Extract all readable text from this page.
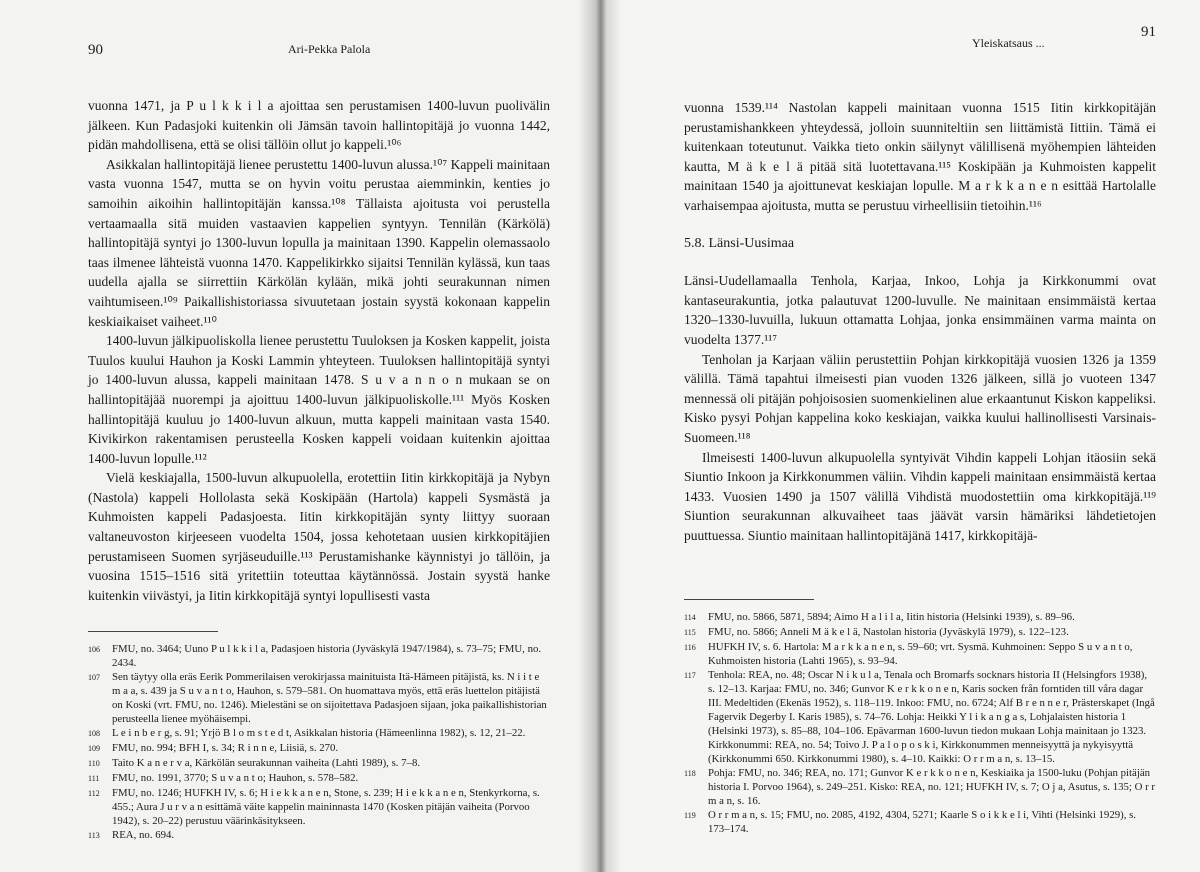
90	Ari-Pekka Palola

vuonna 1471, ja P u l k k i l a ajoittaa sen perustamisen 1400-luvun puolivälin jälkeen. Kun Padasjoki kuitenkin oli Jämsän tavoin hallintopitäjä jo vuonna 1442, pidän mahdollisena, että se olisi tällöin ollut jo kappeli.¹⁰⁶

Asikkalan hallintopitäjä lienee perustettu 1400-luvun alussa.¹⁰⁷ Kappeli mainitaan vasta vuonna 1547, mutta se on hyvin voitu perustaa aiemminkin, kenties jo samoihin aikoihin hallintopitäjän kanssa.¹⁰⁸ Tällaista ajoitusta voi perustella vertaamaalla sitä muiden vastaavien kappelien syntyyn. Tennilän (Kärkölä) hallintopitäjä syntyi jo 1300-luvun lopulla ja mainitaan 1390. Kappelin olemassaolo taas ilmenee lähteistä vuonna 1470. Kappelikirkko sijaitsi Tennilän kylässä, kun taas uudella ajalla se siirrettiin Kärkölän kylään, mikä johti seurakunnan nimen vaihtumiseen.¹⁰⁹ Paikallishistoriassa sivuutetaan jostain syystä kokonaan kappelin keskiaikaiset vaiheet.¹¹⁰

1400-luvun jälkipuoliskolla lienee perustettu Tuuloksen ja Kosken kappelit, joista Tuulos kuului Hauhon ja Koski Lammin yhteyteen. Tuuloksen hallintopitäjä syntyi jo 1400-luvun alussa, kappeli mainitaan 1478. S u v a n n o n mukaan se on hallintopitäjää nuorempi ja ajoittuu 1400-luvun jälkipuoliskolle.¹¹¹ Myös Kosken hallintopitäjä kuuluu jo 1400-luvun alkuun, mutta kappeli mainitaan vasta 1540. Kivikirkon rakentamisen perusteella Kosken kappeli voidaan kuitenkin ajoittaa 1400-luvun lopulle.¹¹²

Vielä keskiajalla, 1500-luvun alkupuolella, erotettiin Iitin kirkkopitäjä ja Nybyn (Nastola) kappeli Hollolasta sekä Koskipään (Hartola) kappeli Sysmästä ja Kuhmoisten kappeli Padasjoesta. Iitin kirkkopitäjän synty liittyy suoraan valtaneuvoston kirjeeseen vuodelta 1504, jossa kehotetaan uusien kirkkopitäjien perustamiseen Suomen syrjäseuduille.¹¹³ Perustamishanke käynnistyi jo tällöin, ja vuosina 1515–1516 sitä yritettiin toteuttaa käytännössä. Jostain syystä hanke kuitenkin viivästyi, ja Iitin kirkkopitäjä syntyi lopullisesti vasta

106	FMU, no. 3464; Uuno P u l k k i l a, Padasjoen historia (Jyväskylä 1947/1984), s. 73–75; FMU, no. 2434.
107	Sen täytyy olla eräs Eerik Pommerilaisen verokirjassa mainituista Itä-Hämeen pitäjistä, ks. N i i t e m a a, s. 439 ja S u v a n t o, Hauhon, s. 579–581. On huomattava myös, että eräs luettelon pitäjistä on Koski (vrt. FMU, no. 1246). Mielestäni se on sijoitettava Padasjoen sijaan, joka paikallishistorian perusteella lienee myöhäisempi.
108	L e i n b e r g, s. 91; Yrjö B l o m s t e d t, Asikkalan historia (Hämeenlinna 1982), s. 12, 21–22.
109	FMU, no. 994; BFH I, s. 34; R i n n e, Liisiä, s. 270.
110	Taito K a n e r v a, Kärkölän seurakunnan vaiheita (Lahti 1989), s. 7–8.
111	FMU, no. 1991, 3770; S u v a n t o; Hauhon, s. 578–582.
112	FMU, no. 1246; HUFKH IV, s. 6; H i e k k a n e n, Stone, s. 239; H i e k k a n e n, Stenkyrkorna, s. 455.; Aura J u r v a n esittämä väite kappelin maininnasta 1470 (Kosken pitäjän vaiheita (Porvoo 1942), s. 20–22) perustuu väärinkäsitykseen.
113	REA, no. 694.
Yleiskatsaus ...
91

vuonna 1539.¹¹⁴ Nastolan kappeli mainitaan vuonna 1515 Iitin kirkkopitäjän perustamishankkeen yhteydessä, jolloin suunniteltiin sen liittämistä Iittiin. Tämä ei kuitenkaan toteutunut. Vaikka tieto onkin säilynyt välillisenä myöhempien lähteiden kautta, M ä k e l ä pitää sitä luotettavana.¹¹⁵ Koskipään ja Kuhmoisten kappelit mainitaan 1540 ja ajoittunevat keskiajan lopulle. M a r k k a n e n esittää Hartolalle varhaisempaa ajoitusta, mutta se perustuu virheellisiin tietoihin.¹¹⁶

5.8. Länsi-Uusimaa

Länsi-Uudellamaalla Tenhola, Karjaa, Inkoo, Lohja ja Kirkkonummi ovat kantaseurakuntia, jotka palautuvat 1200-luvulle. Ne mainitaan ensimmäistä kertaa 1320–1330-luvuilla, lukuun ottamatta Lohjaa, jonka ensimmäinen varma mainta on vuodelta 1377.¹¹⁷

Tenholan ja Karjaan väliin perustettiin Pohjan kirkkopitäjä vuosien 1326 ja 1359 välillä. Tämä tapahtui ilmeisesti pian vuoden 1326 jälkeen, sillä jo vuoteen 1347 mennessä oli pitäjän pohjoisosien suomenkielinen alue erkaantunut Kiskon kappeliksi. Kisko pysyi Pohjan kappelina koko keskiajan, vaikka kuului hallinollisesti Varsinais-Suomeen.¹¹⁸

Ilmeisesti 1400-luvun alkupuolella syntyivät Vihdin kappeli Lohjan itäosiin sekä Siuntio Inkoon ja Kirkkonummen väliin. Vihdin kappeli mainitaan ensimmäistä kertaa 1433. Vuosien 1490 ja 1507 välillä Vihdistä muodostettiin oma kirkkopitäjä.¹¹⁹ Siuntion seurakunnan alkuvaiheet taas jäävät varsin hämäriksi lähdetietojen puuttuessa. Siuntio mainitaan hallintopitäjänä 1417, kirkkopitäjä-

114	FMU, no. 5866, 5871, 5894; Aimo H a l i l a, Iitin historia (Helsinki 1939), s. 89–96.
115	FMU, no. 5866; Anneli M ä k e l ä, Nastolan historia (Jyväskylä 1979), s. 122–123.
116	HUFKH IV, s. 6. Hartola: M a r k k a n e n, s. 59–60; vrt. Sysmä. Kuhmoinen: Seppo S u v a n t o, Kuhmoisten historia (Lahti 1965), s. 93–94.
117	Tenhola: REA, no. 48; Oscar N i k u l a, Tenala och Bromarfs socknars historia II (Helsingfors 1938), s. 12–13. Karjaa: FMU, no. 346; Gunvor K e r k k o n e n, Karis socken från forntiden till våra dagar III. Medeltiden (Ekenäs 1952), s. 118–119. Inkoo: FMU, no. 6724; Alf B r e n n e r, Prästerskapet (Ingå Fagervik Degerby I. Karis 1985), s. 74–76. Lohja: Heikki Y l i k a n g a s, Lohjalaisten historia 1 (Helsinki 1973), s. 85–88, 104–106. Epävarman 1600-luvun tiedon mukaan Lohja mainitaan jo 1323. Kirkkonummi: REA, no. 54; Toivo J. P a l o p o s k i, Kirkkonummen menneisyyttä ja nykyisyyttä (Kirkkonummi 650. Kirkkonummi 1980), s. 4–10. Kaikki: O r r m a n, s. 13–15.
118	Pohja: FMU, no. 346; REA, no. 171; Gunvor K e r k k o n e n, Keskiaika ja 1500-luku (Pohjan pitäjän historia I. Porvoo 1964), s. 249–251. Kisko: REA, no. 121; HUFKH IV, s. 7; O j a, Asutus, s. 135; O r r m a n, s. 16.
119	O r r m a n, s. 15; FMU, no. 2085, 4192, 4304, 5271; Kaarle S o i k k e l i, Vihti (Helsinki 1929), s. 173–174.
